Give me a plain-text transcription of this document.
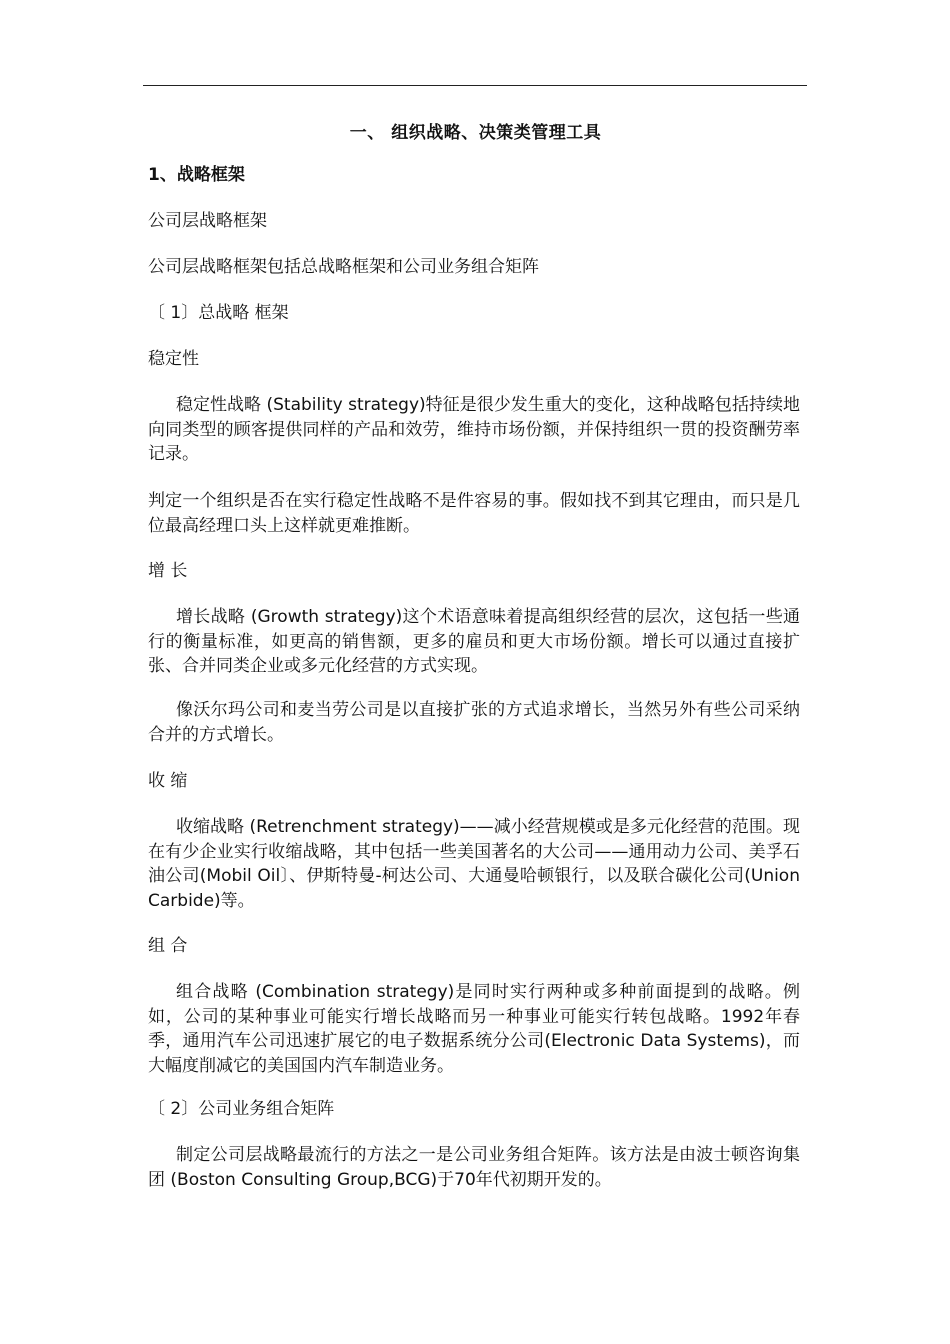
一、 组织战略、决策类管理工具
1、战略框架
公司层战略框架
公司层战略框架包括总战略框架和公司业务组合矩阵
〔 1〕总战略 框架
稳定性
稳定性战略 (Stability strategy)特征是很少发生重大的变化，这种战略包括持续地向同类型的顾客提供同样的产品和效劳，维持市场份额，并保持组织一贯的投资酬劳率记录。
判定一个组织是否在实行稳定性战略不是件容易的事。假如找不到其它理由，而只是几位最高经理口头上这样就更难推断。
增 长
增长战略 (Growth strategy)这个术语意味着提高组织经营的层次，这包括一些通行的衡量标准，如更高的销售额，更多的雇员和更大市场份额。增长可以通过直接扩张、合并同类企业或多元化经营的方式实现。
像沃尔玛公司和麦当劳公司是以直接扩张的方式追求增长，当然另外有些公司采纳合并的方式增长。
收 缩
收缩战略 (Retrenchment strategy)——减小经营规模或是多元化经营的范围。现在有少企业实行收缩战略，其中包括一些美国著名的大公司——通用动力公司、美孚石油公司(Mobil Oil〕、伊斯特曼-柯达公司、大通曼哈顿银行，以及联合碳化公司(Union Carbide)等。
组 合
组合战略 (Combination strategy)是同时实行两种或多种前面提到的战略。例如，公司的某种事业可能实行增长战略而另一种事业可能实行转包战略。1992年春季，通用汽车公司迅速扩展它的电子数据系统分公司(Electronic Data Systems)，而大幅度削减它的美国国内汽车制造业务。
〔 2〕公司业务组合矩阵
制定公司层战略最流行的方法之一是公司业务组合矩阵。该方法是由波士顿咨询集团 (Boston Consulting Group,BCG)于70年代初期开发的。
